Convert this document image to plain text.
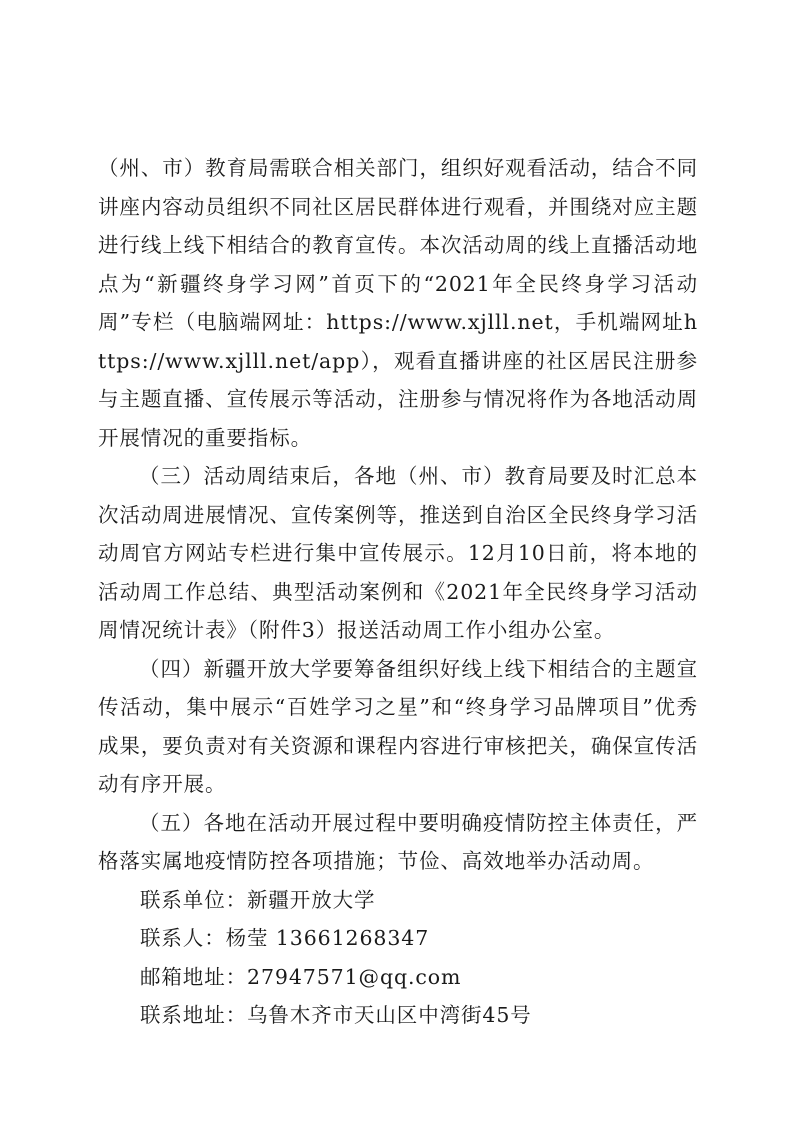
（州、市）教育局需联合相关部门，组织好观看活动，结合不同讲座内容动员组织不同社区居民群体进行观看，并围绕对应主题进行线上线下相结合的教育宣传。本次活动周的线上直播活动地点为“新疆终身学习网”首页下的“2021年全民终身学习活动周”专栏（电脑端网址：https://www.xjlll.net，手机端网址https://www.xjlll.net/app），观看直播讲座的社区居民注册参与主题直播、宣传展示等活动，注册参与情况将作为各地活动周开展情况的重要指标。

（三）活动周结束后，各地（州、市）教育局要及时汇总本次活动周进展情况、宣传案例等，推送到自治区全民终身学习活动周官方网站专栏进行集中宣传展示。12月10日前，将本地的活动周工作总结、典型活动案例和《2021年全民终身学习活动周情况统计表》（附件3）报送活动周工作小组办公室。

（四）新疆开放大学要筹备组织好线上线下相结合的主题宣传活动，集中展示“百姓学习之星”和“终身学习品牌项目”优秀成果，要负责对有关资源和课程内容进行审核把关，确保宣传活动有序开展。

（五）各地在活动开展过程中要明确疫情防控主体责任，严格落实属地疫情防控各项措施；节俭、高效地举办活动周。

联系单位：新疆开放大学

联系人：杨莹 13661268347

邮箱地址：27947571@qq.com

联系地址：乌鲁木齐市天山区中湾街45号
